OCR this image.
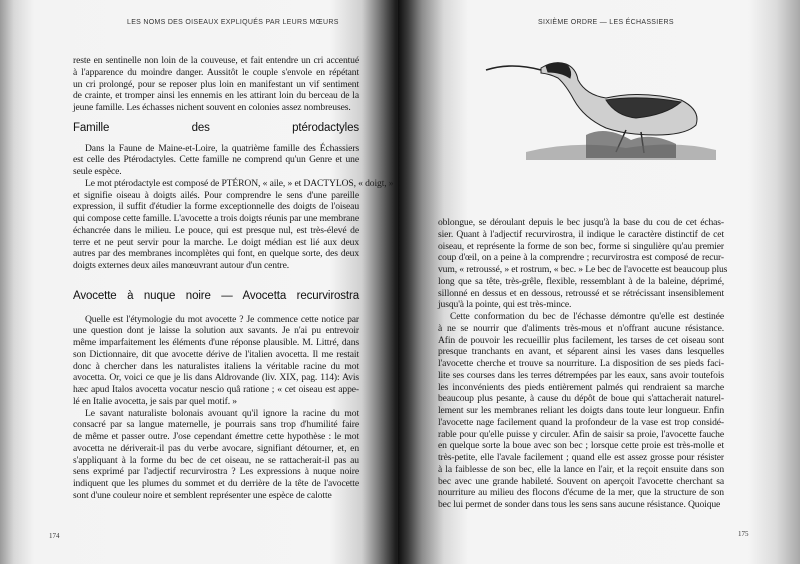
LES NOMS DES OISEAUX EXPLIQUÉS PAR LEURS MŒURS
reste en sentinelle non loin de la couveuse, et fait entendre un cri accentué
à l'apparence du moindre danger. Aussitôt le couple s'envole en répétant
un cri prolongé, pour se reposer plus loin en manifestant un vif sentiment
de crainte, et tromper ainsi les ennemis en les attirant loin du berceau de la
jeune famille. Les échasses nichent souvent en colonies assez nombreuses.
Famille des ptérodactyles
Dans la Faune de Maine-et-Loire, la quatrième famille des Échassiers
est celle des Ptérodactyles. Cette famille ne comprend qu'un Genre et une
seule espèce.
Le mot ptérodactyle est composé de PTÉRON, « aile, » et DACTYLOS, « doigt, »
et signifie oiseau à doigts ailés. Pour comprendre le sens d'une pareille
expression, il suffit d'étudier la forme exceptionnelle des doigts de l'oiseau
qui compose cette famille. L'avocette a trois doigts réunis par une membrane
échancrée dans le milieu. Le pouce, qui est presque nul, est très-élevé de
terre et ne peut servir pour la marche. Le doigt médian est lié aux deux
autres par des membranes incomplètes qui font, en quelque sorte, des deux
doigts externes deux ailes manœuvrant autour d'un centre.
Avocette à nuque noire — Avocetta recurvirostra
Quelle est l'étymologie du mot avocette ? Je commence cette notice par
une question dont je laisse la solution aux savants. Je n'ai pu entrevoir
même imparfaitement les éléments d'une réponse plausible. M. Littré, dans
son Dictionnaire, dit que avocette dérive de l'italien avocetta. Il me restait
donc à chercher dans les naturalistes italiens la véritable racine du mot
avocetta. Or, voici ce que je lis dans Aldrovande (liv. XIX, pag. 114): Avis
hæc apud Italos avocetta vocatur nescio quâ ratione ; « cet oiseau est appe-
lé en Italie avocetta, je sais par quel motif. »
Le savant naturaliste bolonais avouant qu'il ignore la racine du mot
consacré par sa langue maternelle, je pourrais sans trop d'humilité faire
de même et passer outre. J'ose cependant émettre cette hypothèse : le mot
avocetta ne dériverait-il pas du verbe avocare, signifiant détourner, et, en
s'appliquant à la forme du bec de cet oiseau, ne se rattacherait-il pas au
sens exprimé par l'adjectif recurvirostra ? Les expressions à nuque noire
indiquent que les plumes du sommet et du derrière de la tête de l'avocette
sont d'une couleur noire et semblent représenter une espèce de calotte
174
SIXIÈME ORDRE — LES ÉCHASSIERS
oblongue, se déroulant depuis le bec jusqu'à la base du cou de cet échas-
sier. Quant à l'adjectif recurvirostra, il indique le caractère distinctif de cet
oiseau, et représente la forme de son bec, forme si singulière qu'au premier
coup d'œil, on a peine à la comprendre ; recurvirostra est composé de recur-
vum, « retroussé, » et rostrum, « bec. » Le bec de l'avocette est beaucoup plus
long que sa tête, très-grêle, flexible, ressemblant à de la baleine, déprimé,
sillonné en dessus et en dessous, retroussé et se rétrécissant insensiblement
jusqu'à la pointe, qui est très-mince.
Cette conformation du bec de l'échasse démontre qu'elle est destinée
à ne se nourrir que d'aliments très-mous et n'offrant aucune résistance.
Afin de pouvoir les recueillir plus facilement, les tarses de cet oiseau sont
presque tranchants en avant, et séparent ainsi les vases dans lesquelles
l'avocette cherche et trouve sa nourriture. La disposition de ses pieds faci-
lite ses courses dans les terres détrempées par les eaux, sans avoir toutefois
les inconvénients des pieds entièrement palmés qui rendraient sa marche
beaucoup plus pesante, à cause du dépôt de boue qui s'attacherait naturel-
lement sur les membranes reliant les doigts dans toute leur longueur. Enfin
l'avocette nage facilement quand la profondeur de la vase est trop considé-
rable pour qu'elle puisse y circuler. Afin de saisir sa proie, l'avocette fauche
en quelque sorte la boue avec son bec ; lorsque cette proie est très-molle et
très-petite, elle l'avale facilement ; quand elle est assez grosse pour résister
à la faiblesse de son bec, elle la lance en l'air, et la reçoit ensuite dans son
bec avec une grande habileté. Souvent on aperçoit l'avocette cherchant sa
nourriture au milieu des flocons d'écume de la mer, que la structure de son
bec lui permet de sonder dans tous les sens sans aucune résistance. Quoique
175
